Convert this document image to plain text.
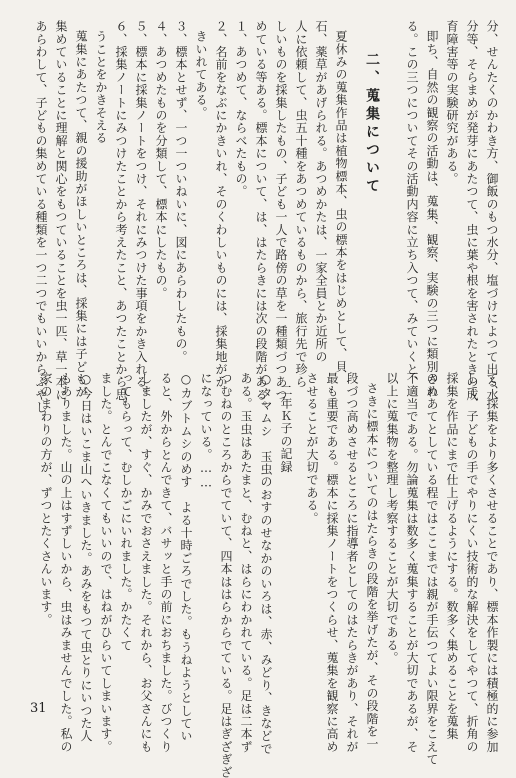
分、せんたくのかわき方、御飯のもつ水分、塩づけによつて出る水
分等、そらまめが発芽にあたつて、虫に葉や根を害されたときの成
育障害等の実験研究がある。
即ち、自然の観察の活動は、蒐集、観察、実験の三つに類別され
る。この三つについてその活動内容に立ち入つて、みていくと、
二、蒐集について
夏休みの蒐集作品は植物標本、虫の標本をはじめとして、貝
石、薬草があげられる。あつめかたは、一家全員とか近所の
人に依頼して、虫五十種をあつめているものから、旅行先で珍ら
しいものを採集したもの、子ども一人で路傍の草を一種類づつあつ
めている等ある。標本について、は、はたらきには次の段階がある。
１、あつめて、ならべたもの。
２、名前をなぶにかきいれ、そのくわしいものには、採集地がか
きいれてある。
３、標本とせず、一つ一ついねいに、図にあらわしたもの。
４、あつめたものを分類して、標本にしたもの。
５、標本に採集ノートをつけ、それにみつけた事項をかき入れる。
６、採集ノートにみつけたことから考えたこと、あつたことから思
うことをかきそえる
蒐集にあたつて、親の援助がほしいところは、採集には子どもが
集めていることに理解と関心をもつていることを虫一匹、草一本に
あらわして、子どもの集めている種類を一つ二つでもいいからふやし
て、採集をより多くさせることであり、標本作製には積極的に参加
して、子どもの手でやりにくい技術的な解決をしてやつて、折角の
採集を作品にまで仕上げるようにする。数多く集めることを蒐集
のめあてとしている程ではここまでは親が手伝つてよい限界をこえて
不適当である。勿論蒐集は数多く蒐集することが大切であるが、そ
以上に蒐集物を整理し考察することが大切である。
さきに標本についてのはたらきの段階を挙げたが、その段階を一
段づつ高めさせるところに指導者としてのはたらきがあり、それが
最も重要である。標本に採集ノートをつくらせ、蒐集を観察に高め
させることが大切である。
二年Ｋ子の記録
○タマムシ　玉虫のおすのせなかのいろは、赤、みどり、きなどで
ある。玉虫はあたまと、むねと、はらにわかれている。足は二本ず
つむねのところからでていて、四本ははらからでている。足はぎざぎざ
になっている。……
○カブトムシのめす　よる十時ごろでした。もうねようとしてい
ると、外からとんできて、バサッと手の前におちました。びつくり
しましたが、すぐ、かみでおさえました。それから、お父さんにも
ってもらって、むしかごにいれました。かたくて
ました。とんでこなくてもいいので、はねがひらいてしまいます。
○今日はいこま山へいきました。あみをもつて虫とりにいつた人
もありました。山の上はすずしいから、虫はみませんでした。私の
家のまわりの方が、ずつとたくさんいます。
31
